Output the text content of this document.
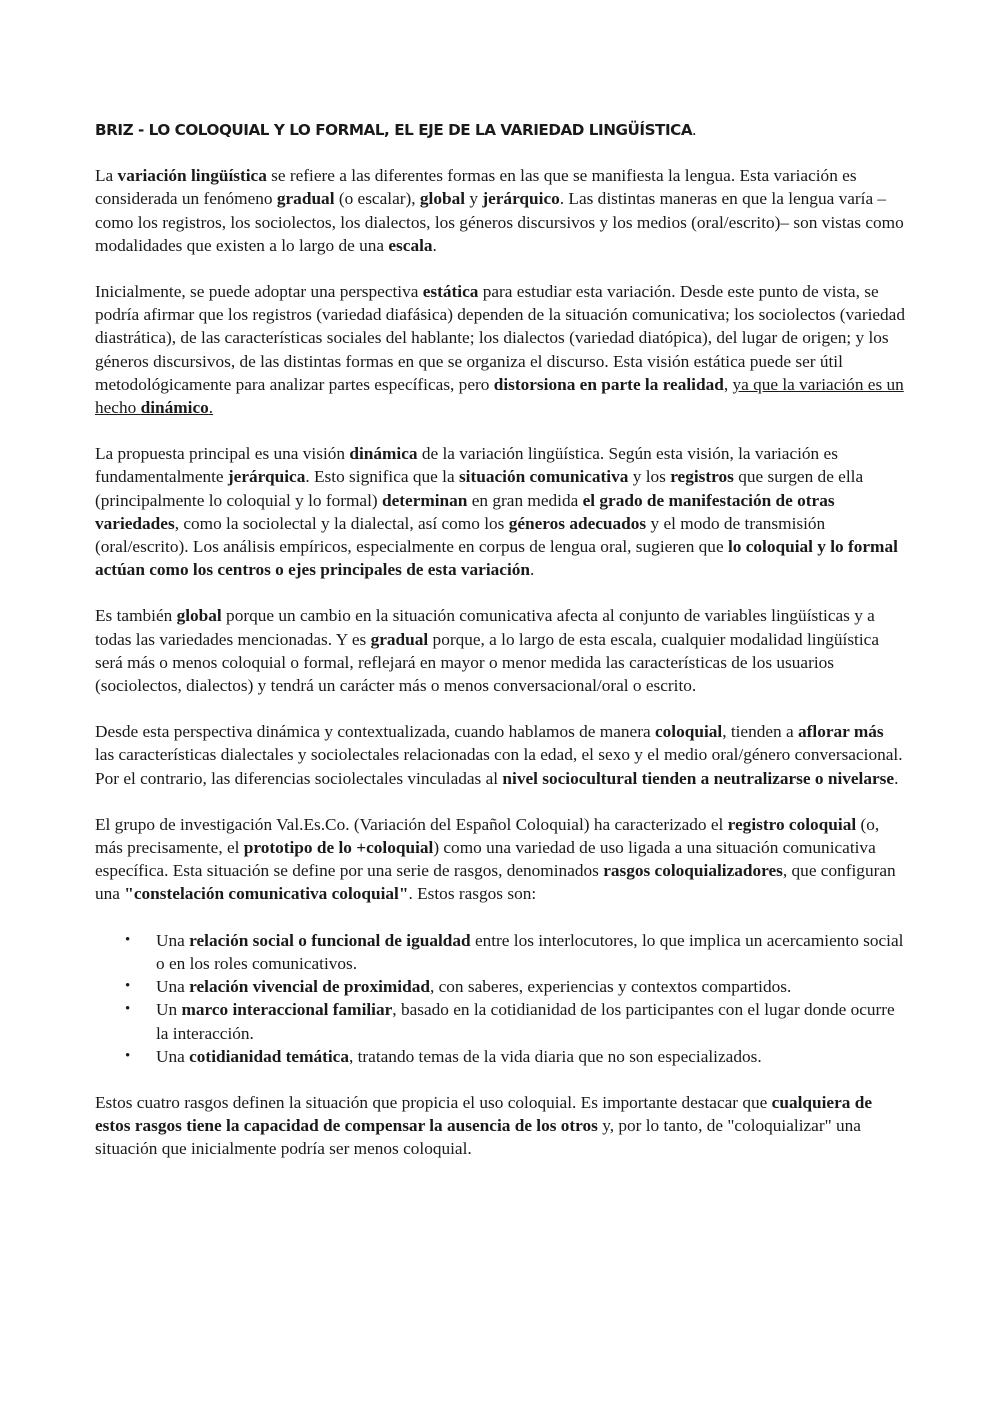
BRIZ - LO COLOQUIAL Y LO FORMAL, EL EJE DE LA VARIEDAD LINGÜÍSTICA.

La variación lingüística se refiere a las diferentes formas en las que se manifiesta la lengua. Esta variación es considerada un fenómeno gradual (o escalar), global y jerárquico. Las distintas maneras en que la lengua varía –como los registros, los sociolectos, los dialectos, los géneros discursivos y los medios (oral/escrito)– son vistas como modalidades que existen a lo largo de una escala.

Inicialmente, se puede adoptar una perspectiva estática para estudiar esta variación. Desde este punto de vista, se podría afirmar que los registros (variedad diafásica) dependen de la situación comunicativa; los sociolectos (variedad diastrática), de las características sociales del hablante; los dialectos (variedad diatópica), del lugar de origen; y los géneros discursivos, de las distintas formas en que se organiza el discurso. Esta visión estática puede ser útil metodológicamente para analizar partes específicas, pero distorsiona en parte la realidad, ya que la variación es un hecho dinámico.

La propuesta principal es una visión dinámica de la variación lingüística. Según esta visión, la variación es fundamentalmente jerárquica. Esto significa que la situación comunicativa y los registros que surgen de ella (principalmente lo coloquial y lo formal) determinan en gran medida el grado de manifestación de otras variedades, como la sociolectal y la dialectal, así como los géneros adecuados y el modo de transmisión (oral/escrito). Los análisis empíricos, especialmente en corpus de lengua oral, sugieren que lo coloquial y lo formal actúan como los centros o ejes principales de esta variación.

Es también global porque un cambio en la situación comunicativa afecta al conjunto de variables lingüísticas y a todas las variedades mencionadas. Y es gradual porque, a lo largo de esta escala, cualquier modalidad lingüística será más o menos coloquial o formal, reflejará en mayor o menor medida las características de los usuarios (sociolectos, dialectos) y tendrá un carácter más o menos conversacional/oral o escrito.

Desde esta perspectiva dinámica y contextualizada, cuando hablamos de manera coloquial, tienden a aflorar más las características dialectales y sociolectales relacionadas con la edad, el sexo y el medio oral/género conversacional. Por el contrario, las diferencias sociolectales vinculadas al nivel sociocultural tienden a neutralizarse o nivelarse.

El grupo de investigación Val.Es.Co. (Variación del Español Coloquial) ha caracterizado el registro coloquial (o, más precisamente, el prototipo de lo +coloquial) como una variedad de uso ligada a una situación comunicativa específica. Esta situación se define por una serie de rasgos, denominados rasgos coloquializadores, que configuran una "constelación comunicativa coloquial". Estos rasgos son:

• Una relación social o funcional de igualdad entre los interlocutores, lo que implica un acercamiento social o en los roles comunicativos.
• Una relación vivencial de proximidad, con saberes, experiencias y contextos compartidos.
• Un marco interaccional familiar, basado en la cotidianidad de los participantes con el lugar donde ocurre la interacción.
• Una cotidianidad temática, tratando temas de la vida diaria que no son especializados.

Estos cuatro rasgos definen la situación que propicia el uso coloquial. Es importante destacar que cualquiera de estos rasgos tiene la capacidad de compensar la ausencia de los otros y, por lo tanto, de "coloquializar" una situación que inicialmente podría ser menos coloquial.
